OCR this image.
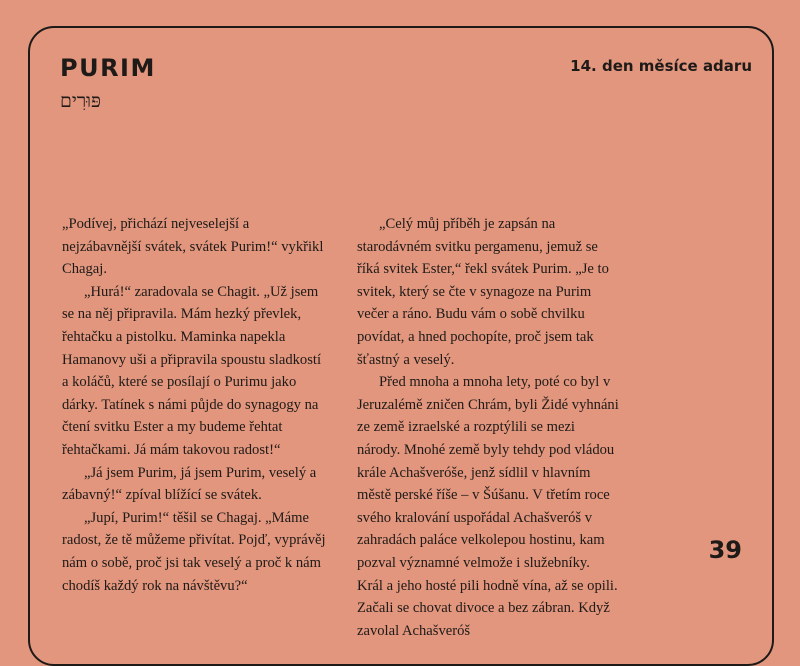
PURIM
פּוּרִים
14. den měsíce adaru

„Podívej, přichází nejveselejší a nejzábavnější svátek, svátek Purim!“ vykřikl Chagaj.

„Hurá!“ zaradovala se Chagit. „Už jsem se na něj připravila. Mám hezký převlek, řehtačku a pistolku. Maminka napekla Hamanovy uši a připravila spoustu sladkostí a koláčů, které se posílají o Purimu jako dárky. Tatínek s námi půjde do synagogy na čtení svitku Ester a my budeme řehtat řehtačkami. Já mám takovou radost!“

„Já jsem Purim, já jsem Purim, veselý a zábavný!“ zpíval blížící se svátek.

„Jupí, Purim!“ těšil se Chagaj. „Máme radost, že tě můžeme přivítat. Pojď, vyprávěj nám o sobě, proč jsi tak veselý a proč k nám chodíš každý rok na návštěvu?“

„Celý můj příběh je zapsán na starodávném svitku pergamenu, jemuž se říká svitek Ester,“ řekl svátek Purim. „Je to svitek, který se čte v synagoze na Purim večer a ráno. Budu vám o sobě chvilku povídat, a hned pochopíte, proč jsem tak šťastný a veselý.

Před mnoha a mnoha lety, poté co byl v Jeruzalémě zničen Chrám, byli Židé vyhnáni ze země izraelské a rozptýlili se mezi národy. Mnohé země byly tehdy pod vládou krále Achašveróše, jenž sídlil v hlavním městě perské říše – v Šúšanu. V třetím roce svého kralování uspořádal Achašveróš v zahradách paláce velkolepou hostinu, kam pozval významné velmože i služebníky. Král a jeho hosté pili hodně vína, až se opili. Začali se chovat divoce a bez zábran. Když zavolal Achašveróš

39
